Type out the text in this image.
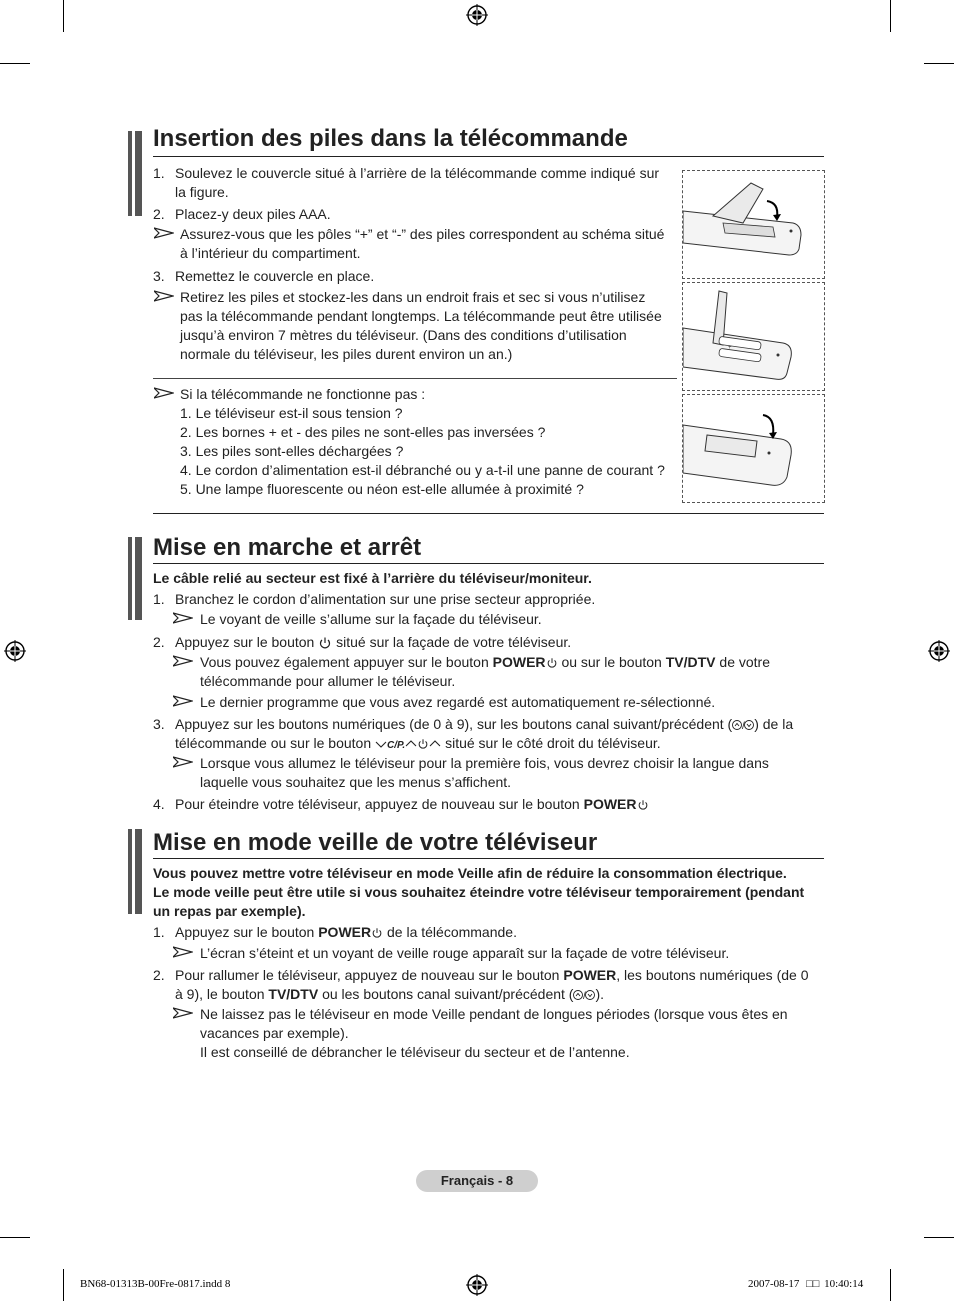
Insertion des piles dans la télécommande
1. Soulevez le couvercle situé à l’arrière de la télécommande comme indiqué sur
la figure.
2. Placez-y deux piles AAA.
Assurez-vous que les pôles “+” et “-” des piles correspondent au schéma situé
à l’intérieur du compartiment.
3. Remettez le couvercle en place.
Retirez les piles et stockez-les dans un endroit frais et sec si vous n’utilisez
pas la télécommande pendant longtemps. La télécommande peut être utilisée
jusqu’à environ 7 mètres du téléviseur. (Dans des conditions d’utilisation
normale du téléviseur, les piles durent environ un an.)
Si la télécommande ne fonctionne pas :
1. Le téléviseur est-il sous tension ?
2. Les bornes + et - des piles ne sont-elles pas inversées ?
3. Les piles sont-elles déchargées ?
4. Le cordon d’alimentation est-il débranché ou y a-t-il une panne de courant ?
5. Une lampe fluorescente ou néon est-elle allumée à proximité ?
+
Mise en marche et arrêt
Le câble relié au secteur est fixé à l’arrière du téléviseur/moniteur.
1. Branchez le cordon d’alimentation sur une prise secteur appropriée.
Le voyant de veille s’allume sur la façade du téléviseur.
2. Appuyez sur le bouton situé sur la façade de votre téléviseur.
Vous pouvez également appuyer sur le bouton POWER ou sur le bouton TV/DTV de votre
télécommande pour allumer le téléviseur.
Le dernier programme que vous avez regardé est automatiquement re-sélectionné.
3. Appuyez sur les boutons numériques (de 0 à 9), sur les boutons canal suivant/précédent ( / ) de la
télécommande ou sur le bouton C/P.	situé sur le côté droit du téléviseur.
Lorsque vous allumez le téléviseur pour la première fois, vous devrez choisir la langue dans
laquelle vous souhaitez que les menus s’affichent.
4. Pour éteindre votre téléviseur, appuyez de nouveau sur le bouton POWER
Mise en mode veille de votre téléviseur
Vous pouvez mettre votre téléviseur en mode Veille afin de réduire la consommation électrique.
Le mode veille peut être utile si vous souhaitez éteindre votre téléviseur temporairement (pendant
un repas par exemple).
1. Appuyez sur le bouton POWER de la télécommande.
L’écran s’éteint et un voyant de veille rouge apparaît sur la façade de votre téléviseur.
2. Pour rallumer le téléviseur, appuyez de nouveau sur le bouton POWER, les boutons numériques (de 0
à 9), le bouton TV/DTV ou les boutons canal suivant/précédent ( / ).
Ne laissez pas le téléviseur en mode Veille pendant de longues périodes (lorsque vous êtes en
vacances par exemple).
Il est conseillé de débrancher le téléviseur du secteur et de l’antenne.
Français - 8
BN68-01313B-00Fre-0817.indd 8	2007-08-17 □□ 10:40:14
